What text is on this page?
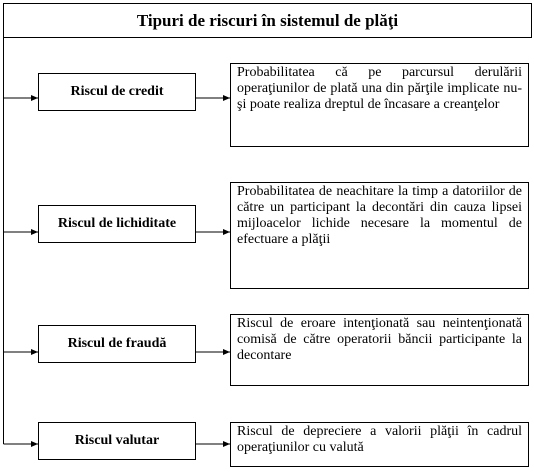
Tipuri de riscuri în sistemul de plăţi
Riscul de credit
Probabilitatea că pe parcursul derulării operaţiunilor de plată una din părţile implicate nu-şi poate realiza dreptul de încasare a creanţelor
Riscul de lichiditate
Probabilitatea de neachitare la timp a datoriilor de către un participant la decontări din cauza lipsei mijloacelor lichide necesare la momentul de efectuare a plăţii
Riscul de fraudă
Riscul de eroare intenţionată sau neintenţionată comisă de către operatorii băncii participante la decontare
Riscul valutar
Riscul de depreciere a valorii plăţii în cadrul operaţiunilor cu valută
